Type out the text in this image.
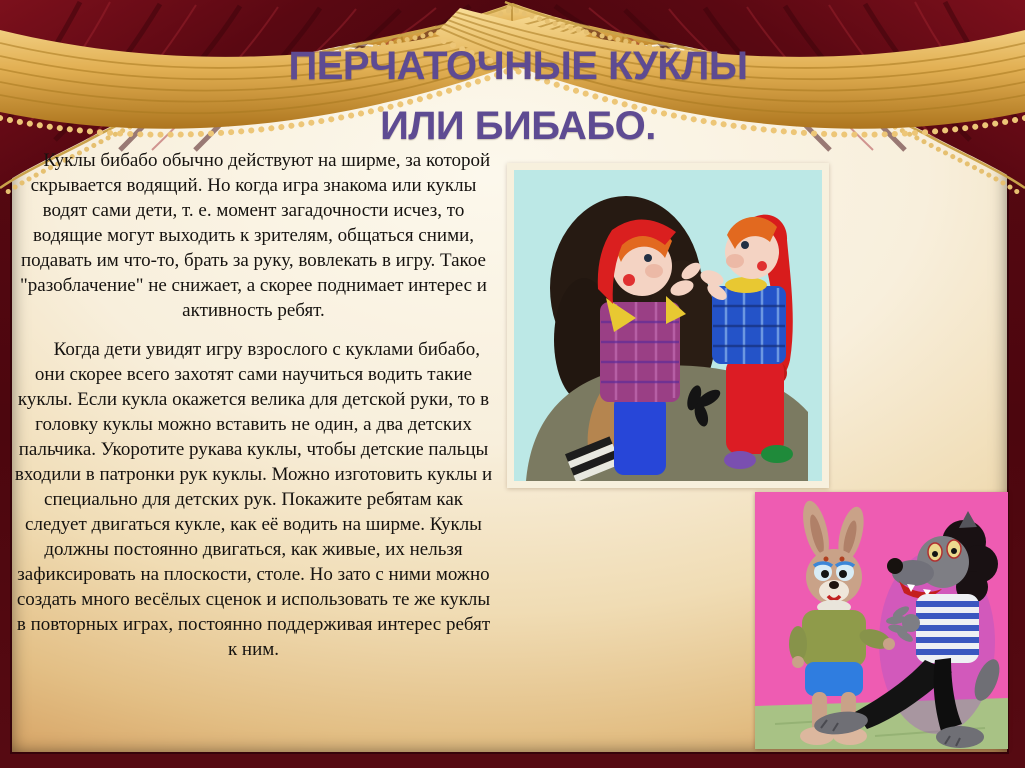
ПЕРЧАТОЧНЫЕ КУКЛЫ
ИЛИ БИБАБО.

Куклы бибабо обычно действуют на ширме, за которой скрывается водящий. Но когда игра знакома или куклы водят сами дети, т. е. момент загадочности исчез, то водящие могут выходить к зрителям, общаться сними, подавать им что-то, брать за руку, вовлекать в игру. Такое "разоблачение" не снижает, а скорее поднимает интерес и активность ребят.

Когда дети увидят игру взрослого с куклами бибабо, они скорее всего захотят сами научиться водить такие куклы. Если кукла окажется велика для детской руки, то в головку куклы можно вставить не один, а два детских пальчика. Укоротите рукава куклы, чтобы детские пальцы входили в патронки рук куклы. Можно изготовить куклы и специально для детских рук. Покажите ребятам как следует двигаться кукле, как её водить на ширме. Куклы должны постоянно двигаться, как живые, их нельзя зафиксировать на плоскости, столе. Но зато с ними можно создать много весёлых сценок и использовать те же куклы в повторных играх, постоянно поддерживая интерес ребят к ним.
